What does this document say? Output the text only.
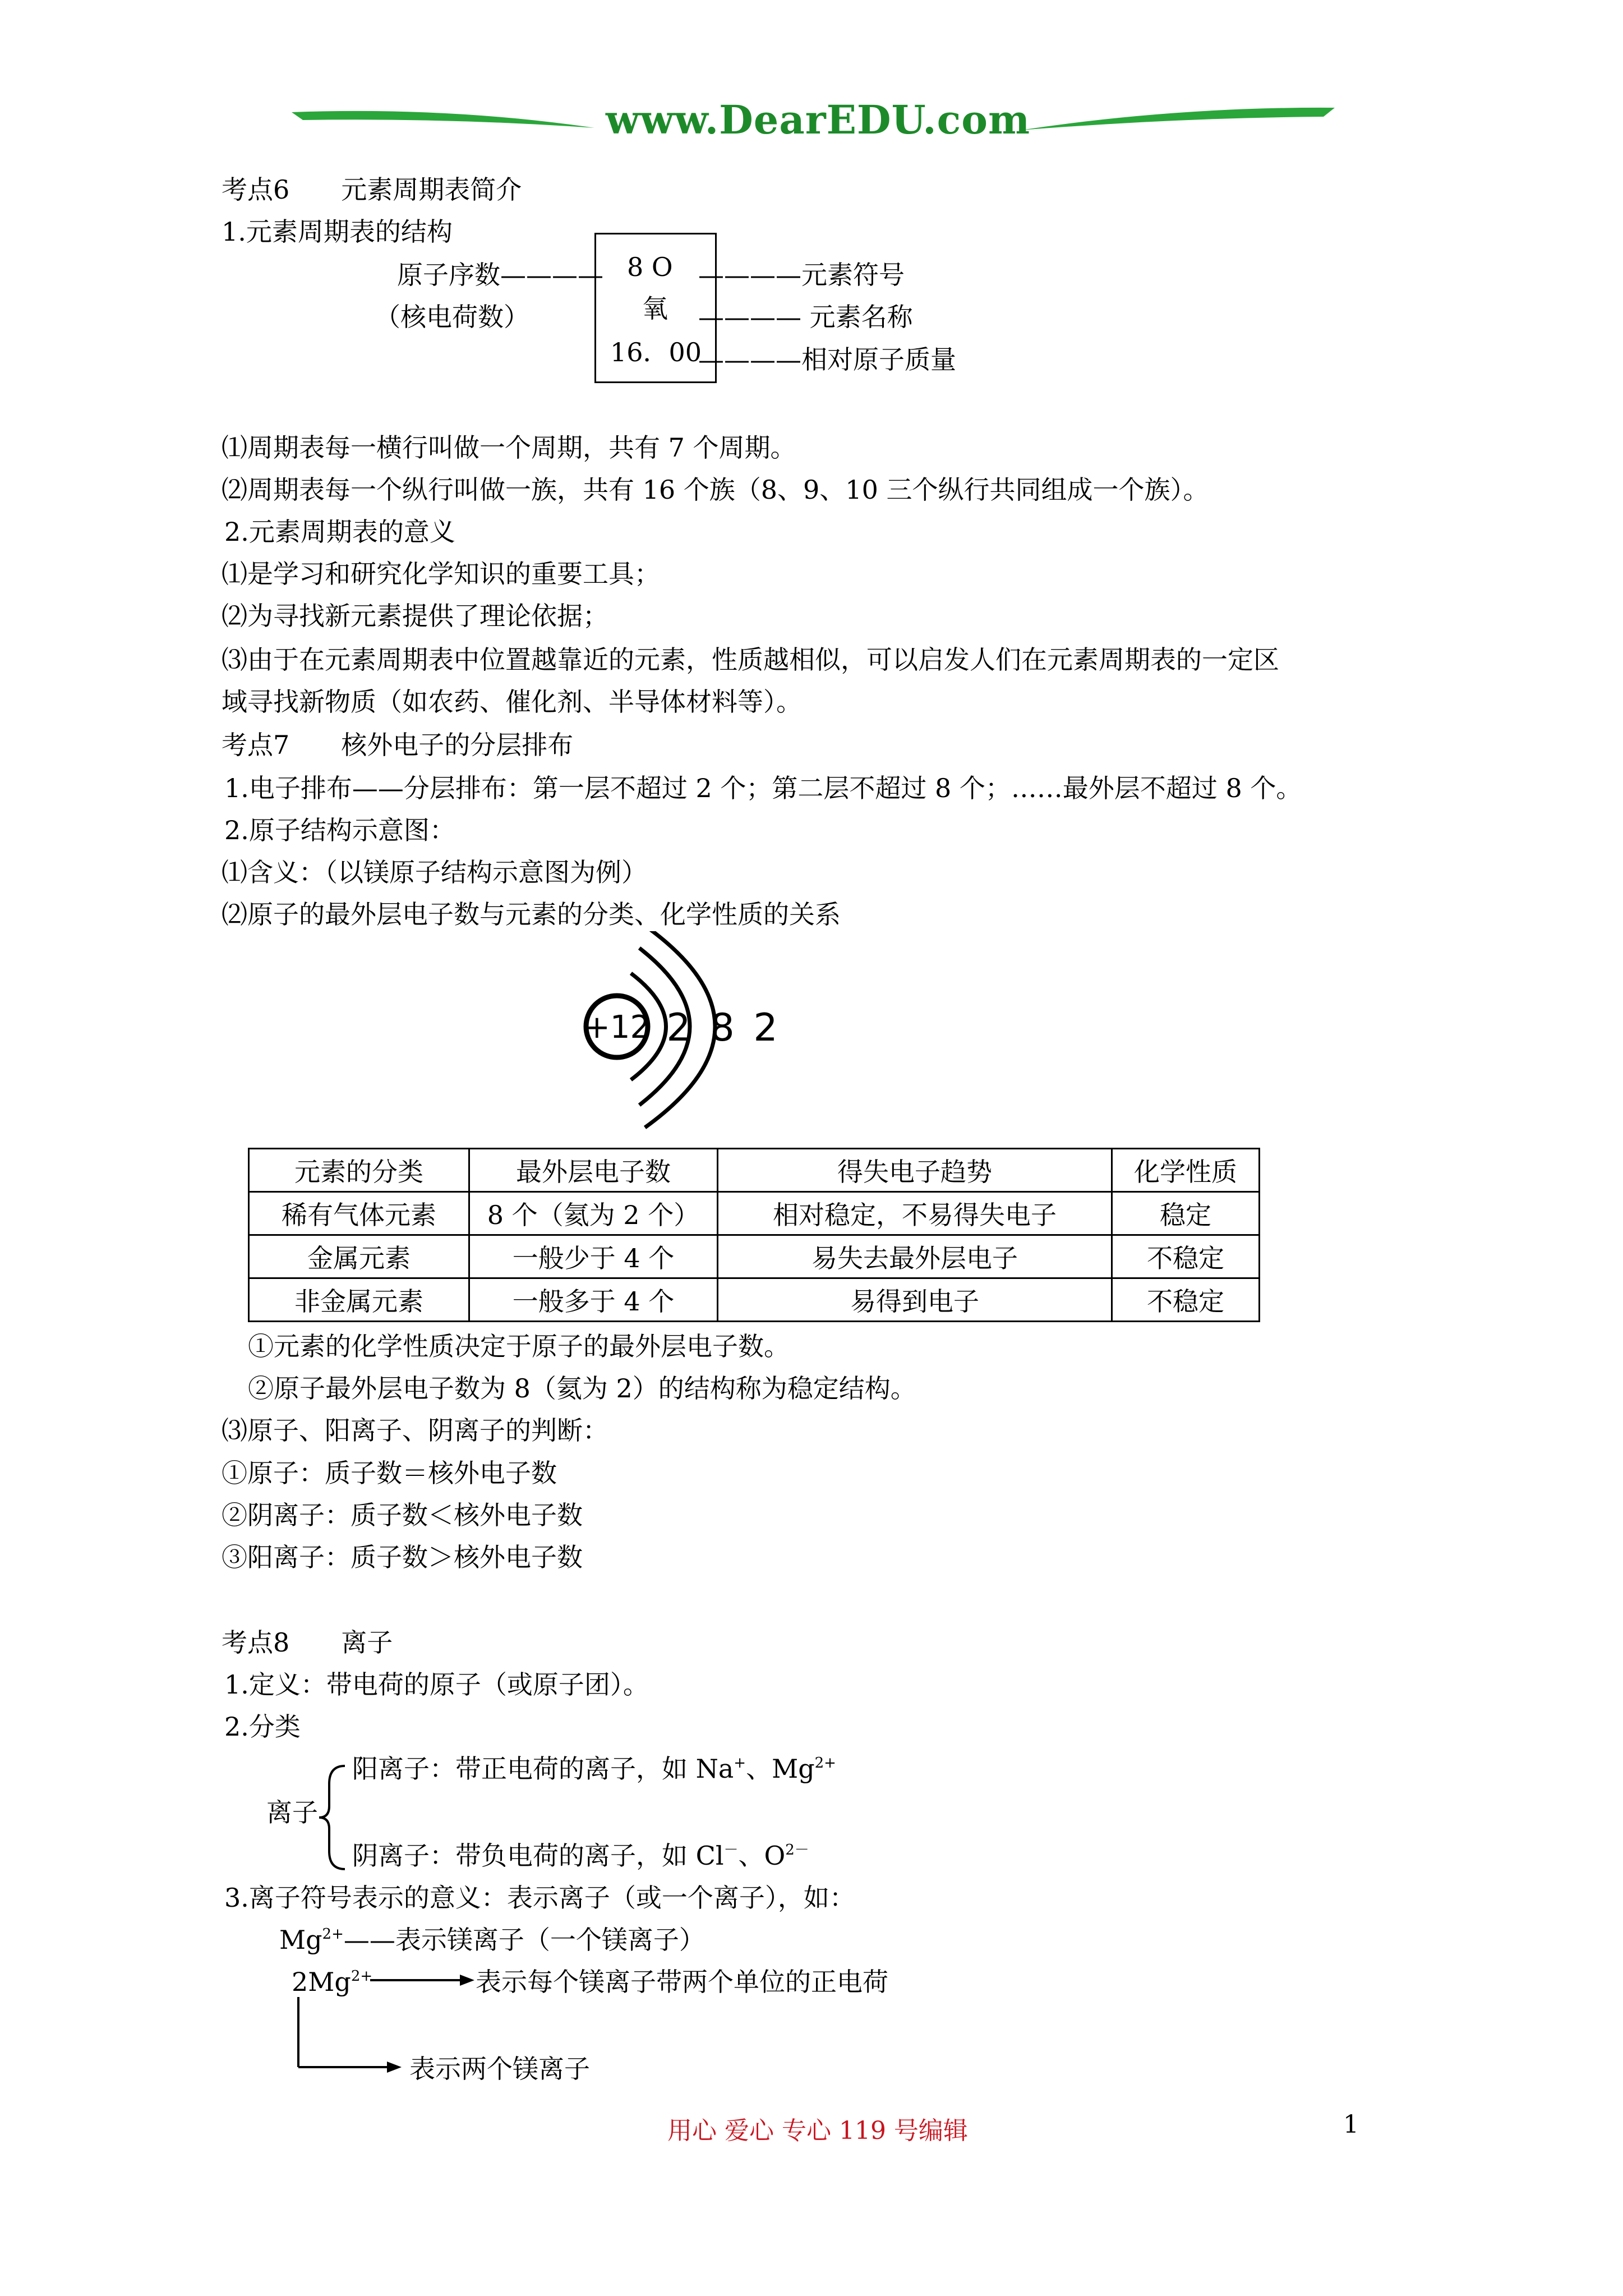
www.DearEDU.com
考点6　　元素周期表简介
1.元素周期表的结构
8 O
氧
16．00
原子序数————
（核电荷数）
————元素符号
———— 元素名称
————相对原子质量
⑴周期表每一横行叫做一个周期，共有 7 个周期。
⑵周期表每一个纵行叫做一族，共有 16 个族（8、9、10 三个纵行共同组成一个族）。
2.元素周期表的意义
⑴是学习和研究化学知识的重要工具；
⑵为寻找新元素提供了理论依据；
⑶由于在元素周期表中位置越靠近的元素，性质越相似，可以启发人们在元素周期表的一定区
域寻找新物质（如农药、催化剂、半导体材料等）。
考点7　　核外电子的分层排布
1.电子排布——分层排布：第一层不超过 2 个；第二层不超过 8 个；……最外层不超过 8 个。
2.原子结构示意图：
⑴含义：（以镁原子结构示意图为例）
⑵原子的最外层电子数与元素的分类、化学性质的关系
+12 2 8 2
元素的分类	最外层电子数	得失电子趋势	化学性质
稀有气体元素	8 个（氦为 2 个）	相对稳定，不易得失电子	稳定
金属元素	一般少于 4 个	易失去最外层电子	不稳定
非金属元素	一般多于 4 个	易得到电子	不稳定
①元素的化学性质决定于原子的最外层电子数。
②原子最外层电子数为 8（氦为 2）的结构称为稳定结构。
⑶原子、阳离子、阴离子的判断：
①原子：质子数＝核外电子数
②阴离子：质子数＜核外电子数
③阳离子：质子数＞核外电子数
考点8　　离子
1.定义：带电荷的原子（或原子团）。
2.分类
离子
阳离子：带正电荷的离子，如 Na+、$Mg^{2+}$
阴离子：带负电荷的离子，如 Cl－、$O^{2-}$
3.离子符号表示的意义：表示离子（或一个离子），如：
$Mg^{2+}——$表示镁离子（一个镁离子）
$2Mg^{2+}$	表示每个镁离子带两个单位的正电荷
表示两个镁离子
用心 爱心 专心 119 号编辑	1
